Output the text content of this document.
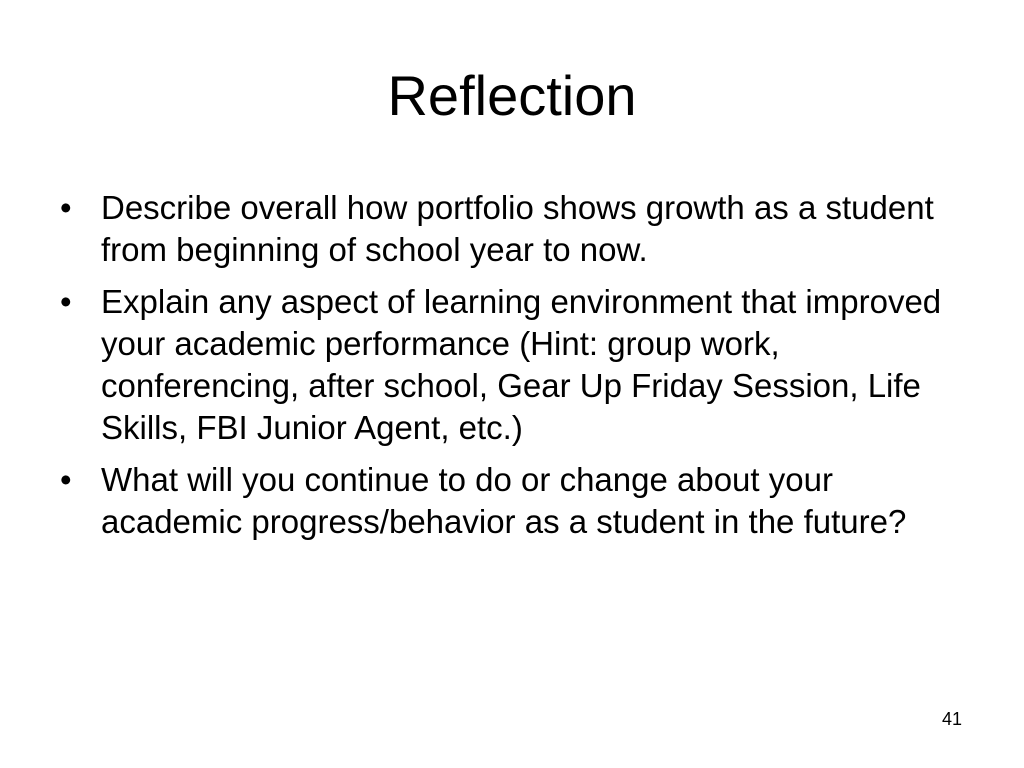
Reflection
• Describe overall how portfolio shows growth as a student from beginning of school year to now.
• Explain any aspect of learning environment that improved your academic performance (Hint: group work, conferencing, after school, Gear Up Friday Session, Life Skills, FBI Junior Agent, etc.)
• What will you continue to do or change about your academic progress/behavior as a student in the future?
41
